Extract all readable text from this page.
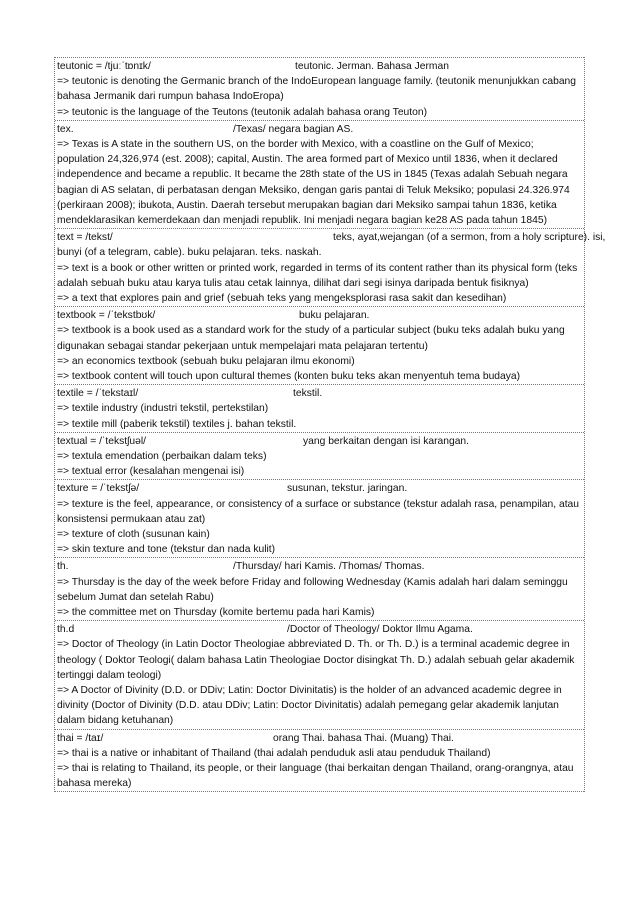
teutonic = /tjuːˈtɒnɪk/	teutonic. Jerman. Bahasa Jerman
=> teutonic is denoting the Germanic branch of the IndoEuropean language family. (teutonik menunjukkan cabang bahasa Jermanik dari rumpun bahasa IndoEropa)
=> teutonic is the language of the Teutons (teutonik adalah bahasa orang Teuton)
tex.	/Texas/ negara bagian AS.
=> Texas is A state in the southern US, on the border with Mexico, with a coastline on the Gulf of Mexico; population 24,326,974 (est. 2008); capital, Austin. The area formed part of Mexico until 1836, when it declared independence and became a republic. It became the 28th state of the US in 1845 (Texas adalah Sebuah negara bagian di AS selatan, di perbatasan dengan Meksiko, dengan garis pantai di Teluk Meksiko; populasi 24.326.974 (perkiraan 2008); ibukota, Austin. Daerah tersebut merupakan bagian dari Meksiko sampai tahun 1836, ketika mendeklarasikan kemerdekaan dan menjadi republik. Ini menjadi negara bagian ke28 AS pada tahun 1845)
text = /tekst/	teks, ayat,wejangan (of a sermon, from a holy scripture). isi,
bunyi (of a telegram, cable). buku pelajaran. teks. naskah.
=> text is a book or other written or printed work, regarded in terms of its content rather than its physical form (teks adalah sebuah buku atau karya tulis atau cetak lainnya, dilihat dari segi isinya daripada bentuk fisiknya)
=> a text that explores pain and grief (sebuah teks yang mengeksplorasi rasa sakit dan kesedihan)
textbook = /ˈtekstbʊk/	buku pelajaran.
=> textbook is a book used as a standard work for the study of a particular subject (buku teks adalah buku yang digunakan sebagai standar pekerjaan untuk mempelajari mata pelajaran tertentu)
=> an economics textbook (sebuah buku pelajaran ilmu ekonomi)
=> textbook content will touch upon cultural themes (konten buku teks akan menyentuh tema budaya)
textile = /ˈtekstaɪl/	tekstil.
=> textile industry (industri tekstil, pertekstilan)
=> textile mill (paberik tekstil) textiles j. bahan tekstil.
textual = /ˈtekstʃuəl/	yang berkaitan dengan isi karangan.
=> textula emendation (perbaikan dalam teks)
=> textual error (kesalahan mengenai isi)
texture = /ˈtekstʃə/	susunan, tekstur. jaringan.
=> texture is the feel, appearance, or consistency of a surface or substance (tekstur adalah rasa, penampilan, atau konsistensi permukaan atau zat)
=> texture of cloth (susunan kain)
=> skin texture and tone (tekstur dan nada kulit)
th.	/Thursday/ hari Kamis. /Thomas/ Thomas.
=> Thursday is the day of the week before Friday and following Wednesday (Kamis adalah hari dalam seminggu sebelum Jumat dan setelah Rabu)
=> the committee met on Thursday (komite bertemu pada hari Kamis)
th.d	/Doctor of Theology/ Doktor Ilmu Agama.
=> Doctor of Theology (in Latin Doctor Theologiae abbreviated D. Th. or Th. D.) is a terminal academic degree in theology ( Doktor Teologi( dalam bahasa Latin Theologiae Doctor disingkat Th. D.) adalah sebuah gelar akademik tertinggi dalam teologi)
=> A Doctor of Divinity (D.D. or DDiv; Latin: Doctor Divinitatis) is the holder of an advanced academic degree in divinity (Doctor of Divinity (D.D. atau DDiv; Latin: Doctor Divinitatis) adalah pemegang gelar akademik lanjutan dalam bidang ketuhanan)
thai = /taɪ/	orang Thai. bahasa Thai. (Muang) Thai.
=> thai is a native or inhabitant of Thailand (thai adalah penduduk asli atau penduduk Thailand)
=> thai is relating to Thailand, its people, or their language (thai berkaitan dengan Thailand, orang-orangnya, atau bahasa mereka)
